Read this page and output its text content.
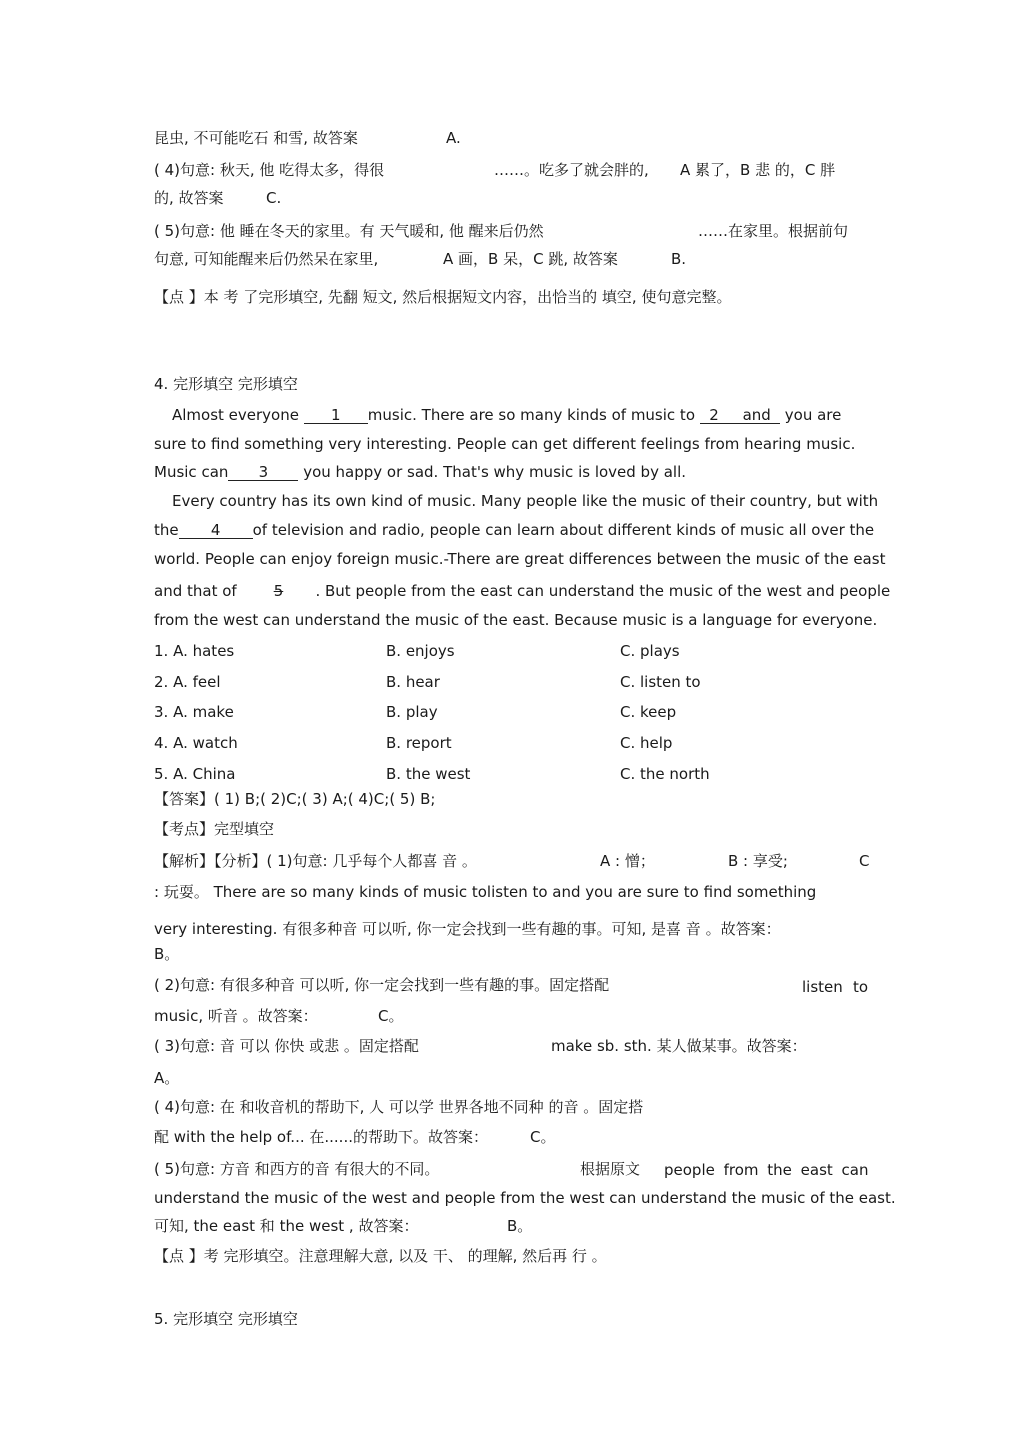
昆虫, 不可能吃石 和雪, 故答案	A.
( 4)句意: 秋天, 他 吃得太多，得很	……。吃多了就会胖的, A 累了，B 悲 的，C 胖
的, 故答案	C.
( 5)句意: 他 睡在冬天的家里。有 天气暖和, 他 醒来后仍然	……在家里。根据前句
句意, 可知能醒来后仍然呆在家里,	A 画，B 呆，C 跳, 故答案	B.
【点 】本 考 了完形填空, 先翻 短文, 然后根据短文内容，出恰当的 填空, 使句意完整。
4. 完形填空 完形填空
Almost everyone 1 music. There are so many kinds of music to 2 and you are
sure to find something very interesting. People can get different feelings from hearing music.
Music can 3 you happy or sad. That's why music is loved by all.
Every country has its own kind of music. Many people like the music of their country, but with
the 4 of television and radio, people can learn about different kinds of music all over the
world. People can enjoy foreign music.-There are great differences between the music of the east
and that of 5 . But people from the east can understand the music of the west and people
from the west can understand the music of the east. Because music is a language for everyone.
1. A. hates	B. enjoys	C. plays
2. A. feel	B. hear	C. listen to
3. A. make	B. play	C. keep
4. A. watch	B. report	C. help
5. A. China	B. the west	C. the north
【答案】( 1) B;( 2)C;( 3) A;( 4)C;( 5) B;
【考点】完型填空
【解析】【分析】( 1)句意: 几乎每个人都喜 音 。	A : 憎；	B : 享受;	C
: 玩耍。 There are so many kinds of music tolisten to and you are sure to find something
very interesting. 有很多种音 可以听, 你一定会找到一些有趣的事。可知, 是喜 音 。故答案：
B。
( 2)句意: 有很多种音 可以听, 你一定会找到一些有趣的事。固定搭配	listen to
music, 听音 。故答案：	C。
( 3)句意: 音 可以 你快 或悲 。固定搭配	make sb. sth. 某人做某事。故答案：
A。
( 4)句意: 在 和收音机的帮助下, 人 可以学 世界各地不同种 的音 。固定搭
配 with the help of... 在......的帮助下。故答案：	C。
( 5)句意: 方音 和西方的音 有很大的不同。	根据原文 people from the east can
understand the music of the west and people from the west can understand the music of the east.
可知, the east 和 the west , 故答案：	B。
【点 】考 完形填空。注意理解大意, 以及 干、 的理解, 然后再 行 。
5. 完形填空 完形填空
